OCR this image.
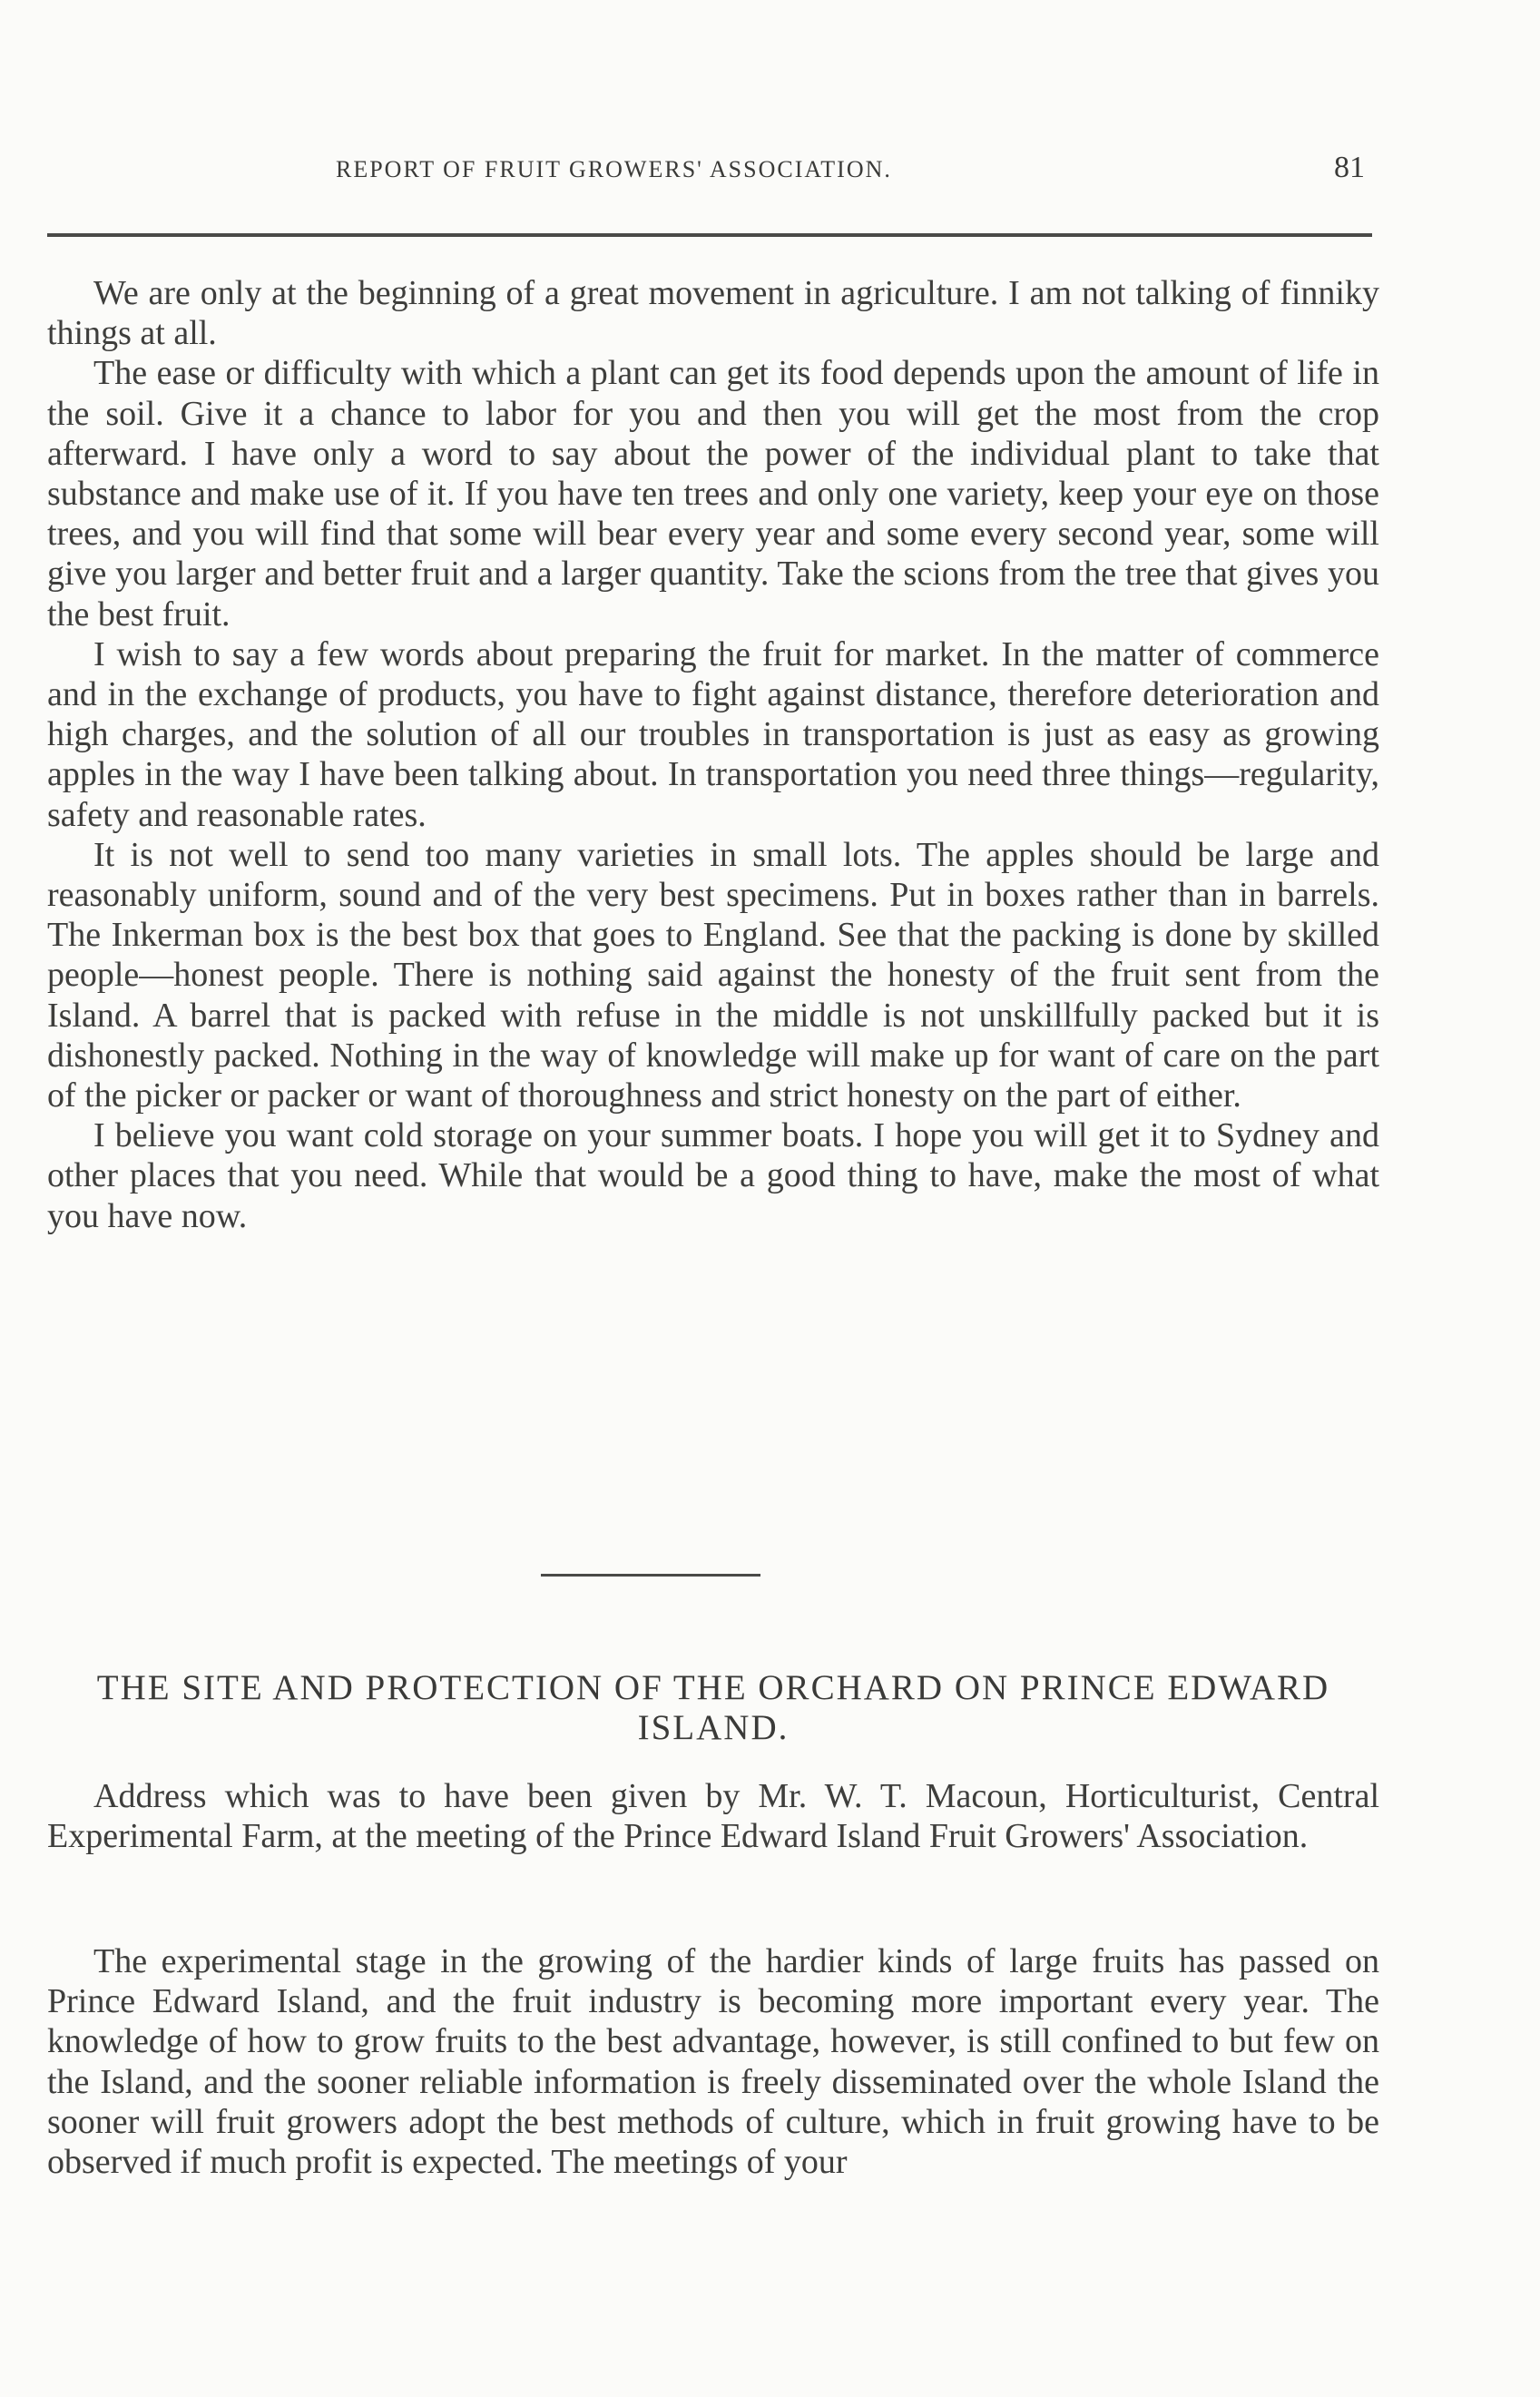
REPORT OF FRUIT GROWERS' ASSOCIATION.	81

We are only at the beginning of a great movement in agriculture. I am not talking of finniky things at all.

The ease or difficulty with which a plant can get its food depends upon the amount of life in the soil. Give it a chance to labor for you and then you will get the most from the crop afterward. I have only a word to say about the power of the individual plant to take that substance and make use of it. If you have ten trees and only one variety, keep your eye on those trees, and you will find that some will bear every year and some every second year, some will give you larger and better fruit and a larger quantity. Take the scions from the tree that gives you the best fruit.

I wish to say a few words about preparing the fruit for market. In the matter of commerce and in the exchange of products, you have to fight against distance, therefore deterioration and high charges, and the solution of all our troubles in transportation is just as easy as growing apples in the way I have been talking about. In transportation you need three things—regularity, safety and reasonable rates.

It is not well to send too many varieties in small lots. The apples should be large and reasonably uniform, sound and of the very best specimens. Put in boxes rather than in barrels. The Inkerman box is the best box that goes to England. See that the packing is done by skilled people—honest people. There is nothing said against the honesty of the fruit sent from the Island. A barrel that is packed with refuse in the middle is not unskillfully packed but it is dishonestly packed. Nothing in the way of knowledge will make up for want of care on the part of the picker or packer or want of thoroughness and strict honesty on the part of either.

I believe you want cold storage on your summer boats. I hope you will get it to Sydney and other places that you need. While that would be a good thing to have, make the most of what you have now.

THE SITE AND PROTECTION OF THE ORCHARD ON PRINCE EDWARD ISLAND.

Address which was to have been given by Mr. W. T. Macoun, Horticulturist, Central Experimental Farm, at the meeting of the Prince Edward Island Fruit Growers' Association.

The experimental stage in the growing of the hardier kinds of large fruits has passed on Prince Edward Island, and the fruit industry is becoming more important every year. The knowledge of how to grow fruits to the best advantage, however, is still confined to but few on the Island, and the sooner reliable information is freely disseminated over the whole Island the sooner will fruit growers adopt the best methods of culture, which in fruit growing have to be observed if much profit is expected. The meetings of your
